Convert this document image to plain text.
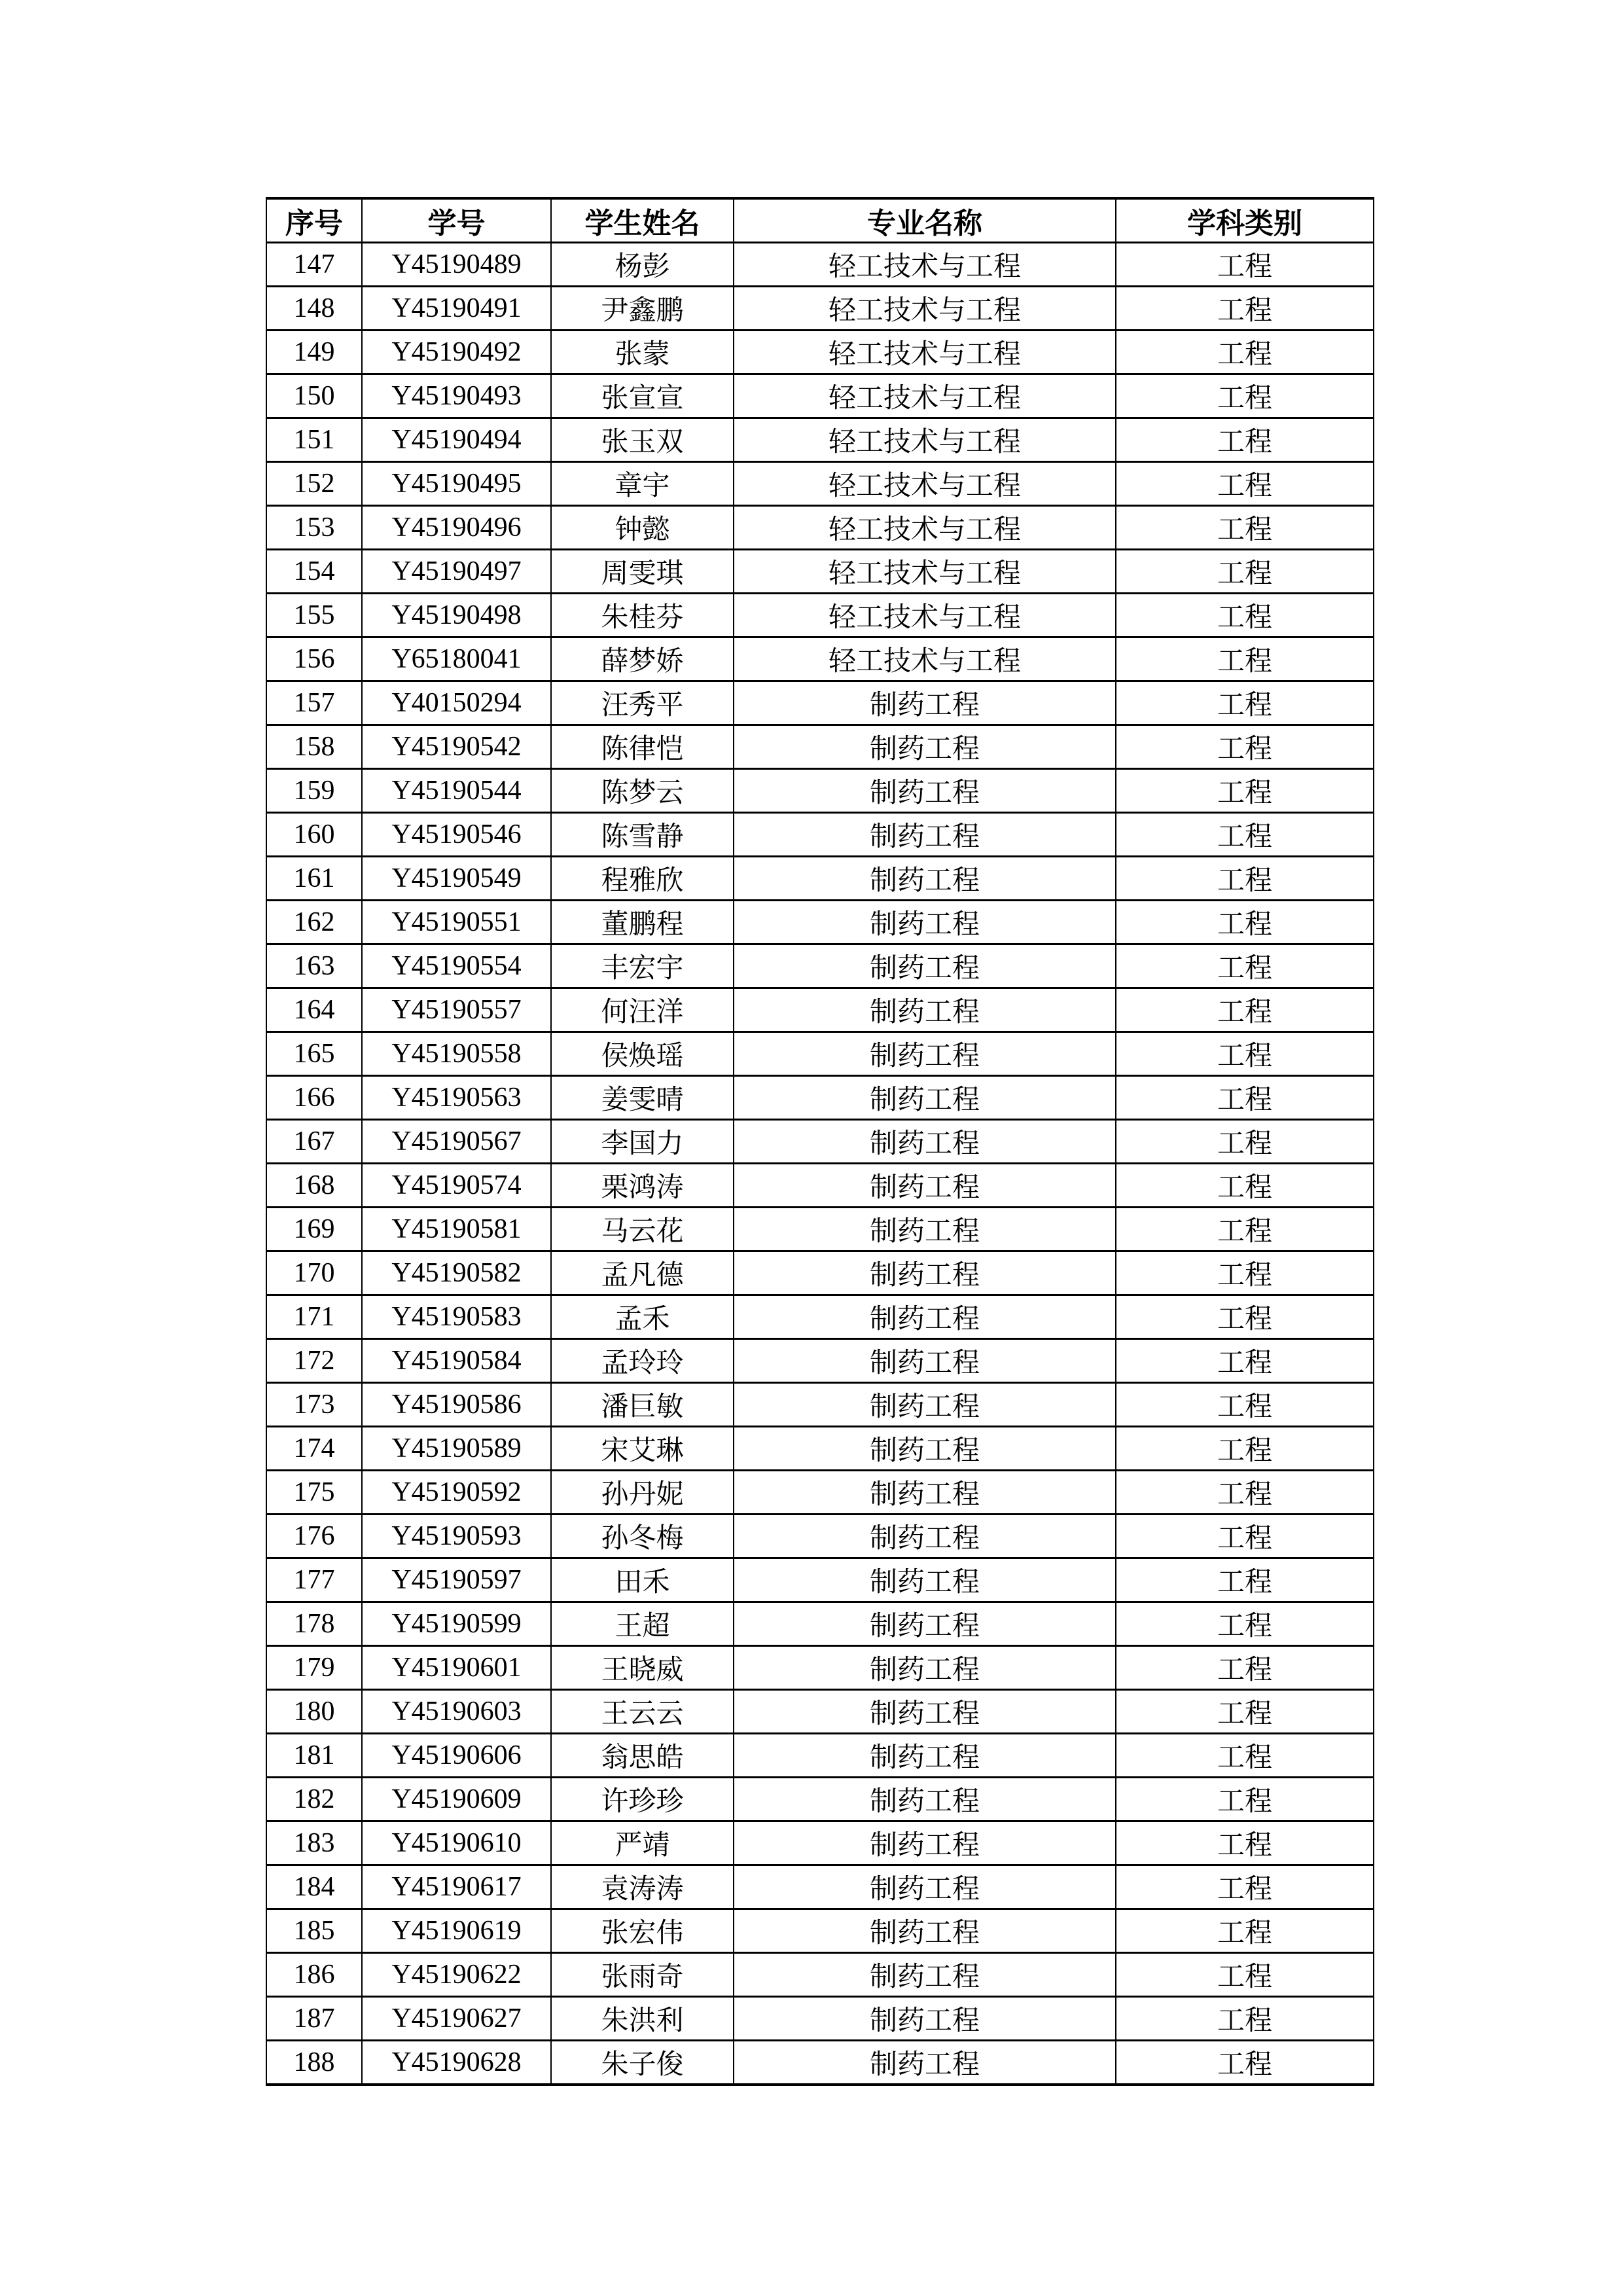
序号	学号	学生姓名	专业名称	学科类别
147	Y45190489	杨彭	轻工技术与工程	工程
148	Y45190491	尹鑫鹏	轻工技术与工程	工程
149	Y45190492	张蒙	轻工技术与工程	工程
150	Y45190493	张宣宣	轻工技术与工程	工程
151	Y45190494	张玉双	轻工技术与工程	工程
152	Y45190495	章宇	轻工技术与工程	工程
153	Y45190496	钟懿	轻工技术与工程	工程
154	Y45190497	周雯琪	轻工技术与工程	工程
155	Y45190498	朱桂芬	轻工技术与工程	工程
156	Y65180041	薛梦娇	轻工技术与工程	工程
157	Y40150294	汪秀平	制药工程	工程
158	Y45190542	陈律恺	制药工程	工程
159	Y45190544	陈梦云	制药工程	工程
160	Y45190546	陈雪静	制药工程	工程
161	Y45190549	程雅欣	制药工程	工程
162	Y45190551	董鹏程	制药工程	工程
163	Y45190554	丰宏宇	制药工程	工程
164	Y45190557	何汪洋	制药工程	工程
165	Y45190558	侯焕瑶	制药工程	工程
166	Y45190563	姜雯晴	制药工程	工程
167	Y45190567	李国力	制药工程	工程
168	Y45190574	栗鸿涛	制药工程	工程
169	Y45190581	马云花	制药工程	工程
170	Y45190582	孟凡德	制药工程	工程
171	Y45190583	孟禾	制药工程	工程
172	Y45190584	孟玲玲	制药工程	工程
173	Y45190586	潘巨敏	制药工程	工程
174	Y45190589	宋艾琳	制药工程	工程
175	Y45190592	孙丹妮	制药工程	工程
176	Y45190593	孙冬梅	制药工程	工程
177	Y45190597	田禾	制药工程	工程
178	Y45190599	王超	制药工程	工程
179	Y45190601	王晓威	制药工程	工程
180	Y45190603	王云云	制药工程	工程
181	Y45190606	翁思皓	制药工程	工程
182	Y45190609	许珍珍	制药工程	工程
183	Y45190610	严靖	制药工程	工程
184	Y45190617	袁涛涛	制药工程	工程
185	Y45190619	张宏伟	制药工程	工程
186	Y45190622	张雨奇	制药工程	工程
187	Y45190627	朱洪利	制药工程	工程
188	Y45190628	朱子俊	制药工程	工程
